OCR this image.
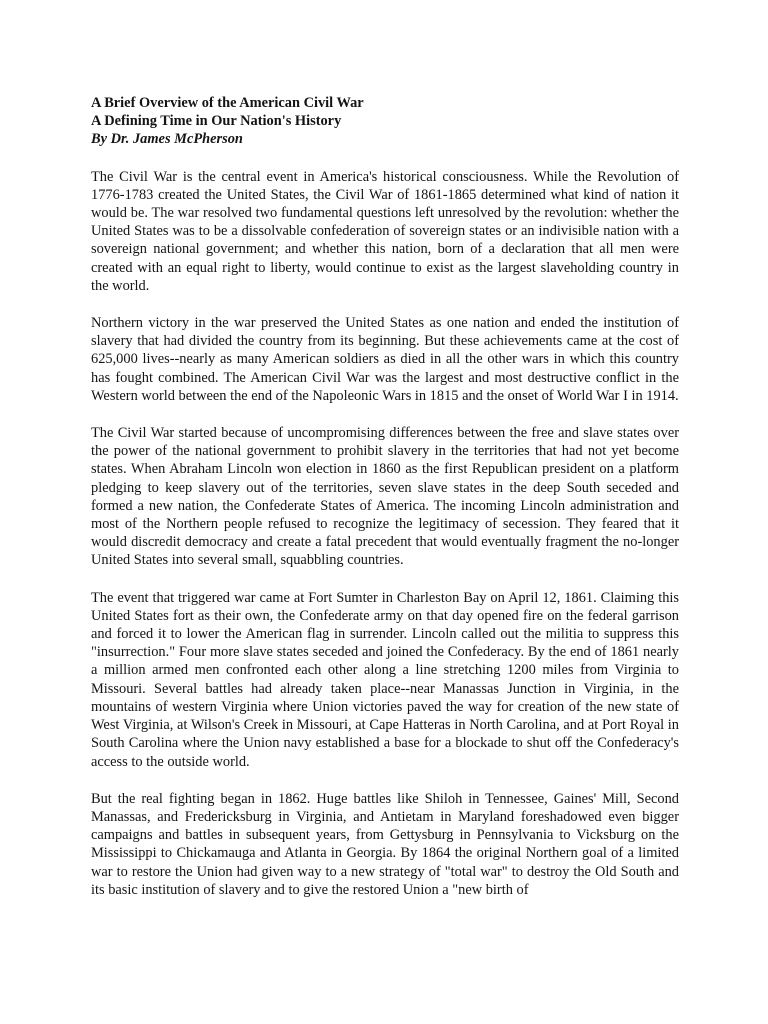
A Brief Overview of the American Civil War

A Defining Time in Our Nation's History

By Dr. James McPherson

The Civil War is the central event in America's historical consciousness. While the Revolution of 1776-1783 created the United States, the Civil War of 1861-1865 determined what kind of nation it would be. The war resolved two fundamental questions left unresolved by the revolution: whether the United States was to be a dissolvable confederation of sovereign states or an indivisible nation with a sovereign national government; and whether this nation, born of a declaration that all men were created with an equal right to liberty, would continue to exist as the largest slaveholding country in the world.

Northern victory in the war preserved the United States as one nation and ended the institution of slavery that had divided the country from its beginning. But these achievements came at the cost of 625,000 lives--nearly as many American soldiers as died in all the other wars in which this country has fought combined. The American Civil War was the largest and most destructive conflict in the Western world between the end of the Napoleonic Wars in 1815 and the onset of World War I in 1914.

The Civil War started because of uncompromising differences between the free and slave states over the power of the national government to prohibit slavery in the territories that had not yet become states. When Abraham Lincoln won election in 1860 as the first Republican president on a platform pledging to keep slavery out of the territories, seven slave states in the deep South seceded and formed a new nation, the Confederate States of America. The incoming Lincoln administration and most of the Northern people refused to recognize the legitimacy of secession. They feared that it would discredit democracy and create a fatal precedent that would eventually fragment the no-longer United States into several small, squabbling countries.

The event that triggered war came at Fort Sumter in Charleston Bay on April 12, 1861. Claiming this United States fort as their own, the Confederate army on that day opened fire on the federal garrison and forced it to lower the American flag in surrender. Lincoln called out the militia to suppress this "insurrection." Four more slave states seceded and joined the Confederacy. By the end of 1861 nearly a million armed men confronted each other along a line stretching 1200 miles from Virginia to Missouri. Several battles had already taken place--near Manassas Junction in Virginia, in the mountains of western Virginia where Union victories paved the way for creation of the new state of West Virginia, at Wilson's Creek in Missouri, at Cape Hatteras in North Carolina, and at Port Royal in South Carolina where the Union navy established a base for a blockade to shut off the Confederacy's access to the outside world.

But the real fighting began in 1862. Huge battles like Shiloh in Tennessee, Gaines' Mill, Second Manassas, and Fredericksburg in Virginia, and Antietam in Maryland foreshadowed even bigger campaigns and battles in subsequent years, from Gettysburg in Pennsylvania to Vicksburg on the Mississippi to Chickamauga and Atlanta in Georgia. By 1864 the original Northern goal of a limited war to restore the Union had given way to a new strategy of "total war" to destroy the Old South and its basic institution of slavery and to give the restored Union a "new birth of
